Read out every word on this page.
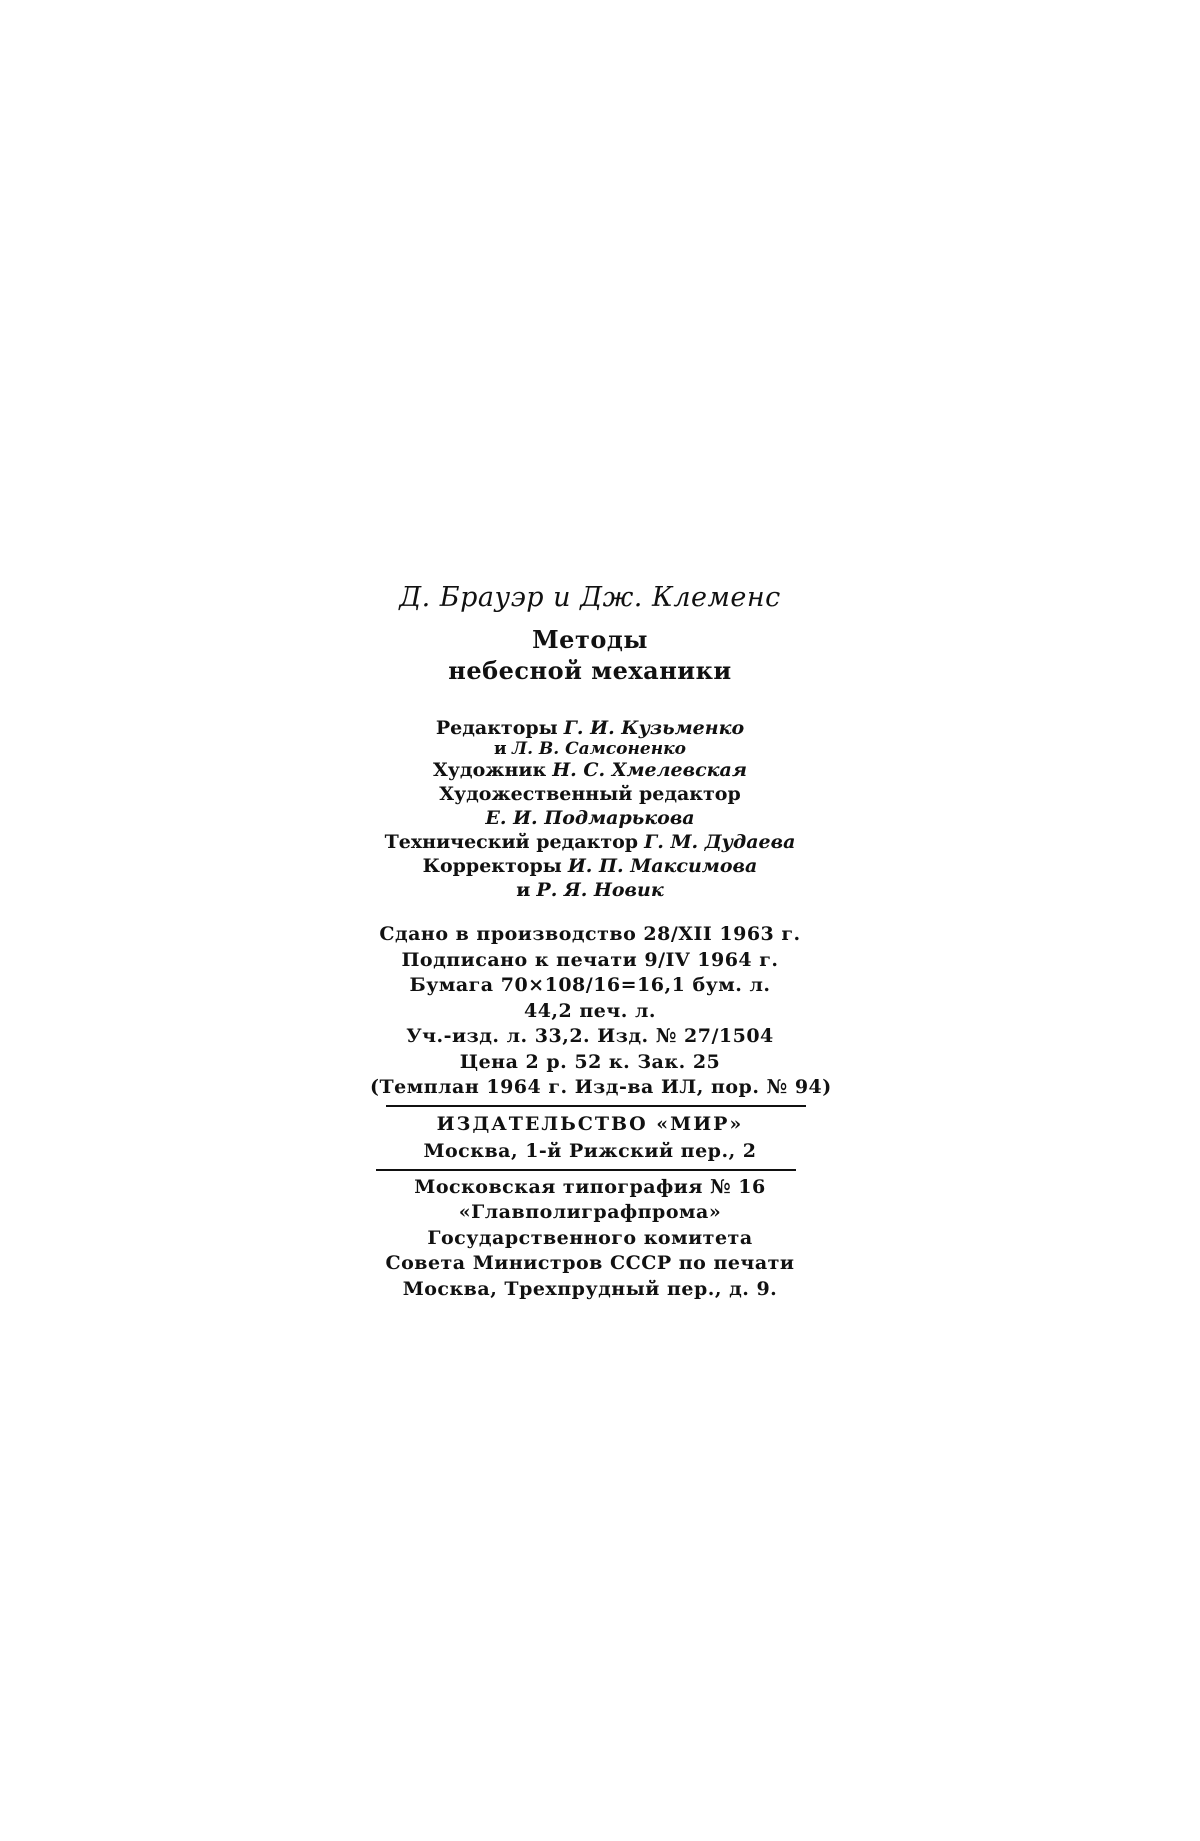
Д. Брауэр и Дж. Клеменс
Методы
небесной механики
Редакторы Г. И. Кузьменко
и Л. В. Самсоненко
Художник Н. С. Хмелевская
Художественный редактор
Е. И. Подмарькова
Технический редактор Г. М. Дудаева
Корректоры И. П. Максимова
и Р. Я. Новик
Сдано в производство 28/XII 1963 г.
Подписано к печати 9/IV 1964 г.
Бумага 70×108/16=16,1 бум. л.
44,2 печ. л.
Уч.-изд. л. 33,2. Изд. № 27/1504
Цена 2 р. 52 к. Зак. 25
(Темплан 1964 г. Изд-ва ИЛ, пор. № 94)
ИЗДАТЕЛЬСТВО «МИР»
Москва, 1-й Рижский пер., 2
Московская типография № 16
«Главполиграфпрома»
Государственного комитета
Совета Министров СССР по печати
Москва, Трехпрудный пер., д. 9.
